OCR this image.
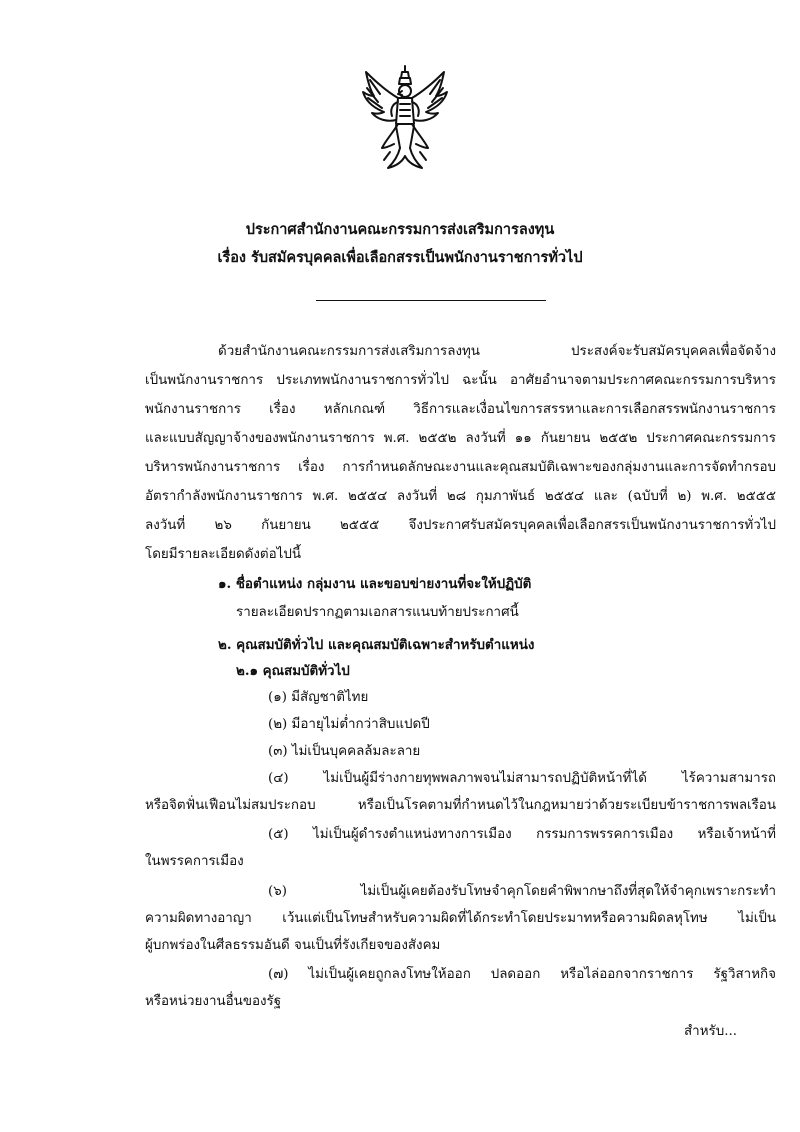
ประกาศสำนักงานคณะกรรมการส่งเสริมการลงทุน
เรื่อง รับสมัครบุคคลเพื่อเลือกสรรเป็นพนักงานราชการทั่วไป
ด้วยสำนักงานคณะกรรมการส่งเสริมการลงทุน ประสงค์จะรับสมัครบุคคลเพื่อจัดจ้าง
เป็นพนักงานราชการ ประเภทพนักงานราชการทั่วไป ฉะนั้น อาศัยอำนาจตามประกาศคณะกรรมการบริหาร
พนักงานราชการ เรื่อง หลักเกณฑ์ วิธีการและเงื่อนไขการสรรหาและการเลือกสรรพนักงานราชการ
และแบบสัญญาจ้างของพนักงานราชการ พ.ศ. ๒๕๕๒ ลงวันที่ ๑๑ กันยายน ๒๕๕๒ ประกาศคณะกรรมการ
บริหารพนักงานราชการ เรื่อง การกำหนดลักษณะงานและคุณสมบัติเฉพาะของกลุ่มงานและการจัดทำกรอบ
อัตรากำลังพนักงานราชการ พ.ศ. ๒๕๕๔ ลงวันที่ ๒๘ กุมภาพันธ์ ๒๕๕๔ และ (ฉบับที่ ๒) พ.ศ. ๒๕๕๕
ลงวันที่ ๒๖ กันยายน ๒๕๕๕ จึงประกาศรับสมัครบุคคลเพื่อเลือกสรรเป็นพนักงานราชการทั่วไป
โดยมีรายละเอียดดังต่อไปนี้
๑. ชื่อตำแหน่ง กลุ่มงาน และขอบข่ายงานที่จะให้ปฏิบัติ
รายละเอียดปรากฏตามเอกสารแนบท้ายประกาศนี้
๒. คุณสมบัติทั่วไป และคุณสมบัติเฉพาะสำหรับตำแหน่ง
๒.๑ คุณสมบัติทั่วไป
(๑) มีสัญชาติไทย
(๒) มีอายุไม่ต่ำกว่าสิบแปดปี
(๓) ไม่เป็นบุคคลล้มละลาย
(๔) ไม่เป็นผู้มีร่างกายทุพพลภาพจนไม่สามารถปฏิบัติหน้าที่ได้ ไร้ความสามารถ
หรือจิตฟั่นเฟือนไม่สมประกอบ หรือเป็นโรคตามที่กำหนดไว้ในกฎหมายว่าด้วยระเบียบข้าราชการพลเรือน
(๕) ไม่เป็นผู้ดำรงตำแหน่งทางการเมือง กรรมการพรรคการเมือง หรือเจ้าหน้าที่
ในพรรคการเมือง
(๖) ไม่เป็นผู้เคยต้องรับโทษจำคุกโดยคำพิพากษาถึงที่สุดให้จำคุกเพราะกระทำ
ความผิดทางอาญา เว้นแต่เป็นโทษสำหรับความผิดที่ได้กระทำโดยประมาทหรือความผิดลหุโทษ ไม่เป็น
ผู้บกพร่องในศีลธรรมอันดี จนเป็นที่รังเกียจของสังคม
(๗) ไม่เป็นผู้เคยถูกลงโทษให้ออก ปลดออก หรือไล่ออกจากราชการ รัฐวิสาหกิจ
หรือหน่วยงานอื่นของรัฐ
สำหรับ...
